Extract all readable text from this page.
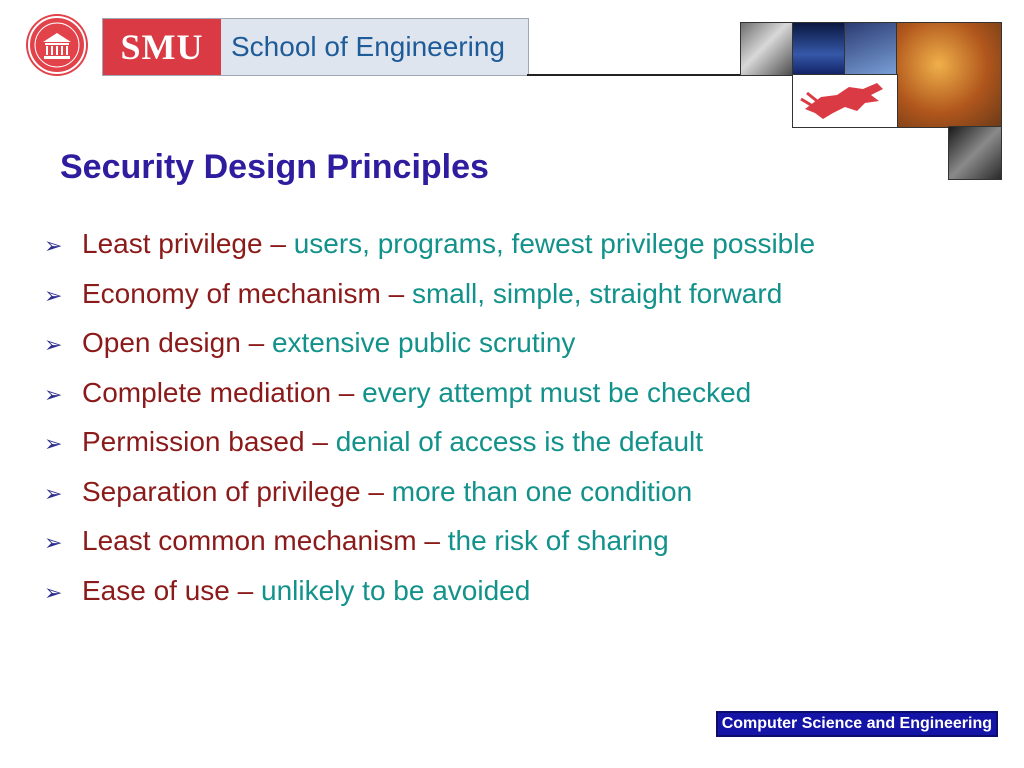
SMU School of Engineering
Security Design Principles
➢ Least privilege – users, programs, fewest privilege possible
➢ Economy of mechanism – small, simple, straight forward
➢ Open design – extensive public scrutiny
➢ Complete mediation – every attempt must be checked
➢ Permission based – denial of access is the default
➢ Separation of privilege – more than one condition
➢ Least common mechanism – the risk of sharing
➢ Ease of use – unlikely to be avoided
Computer Science and Engineering
